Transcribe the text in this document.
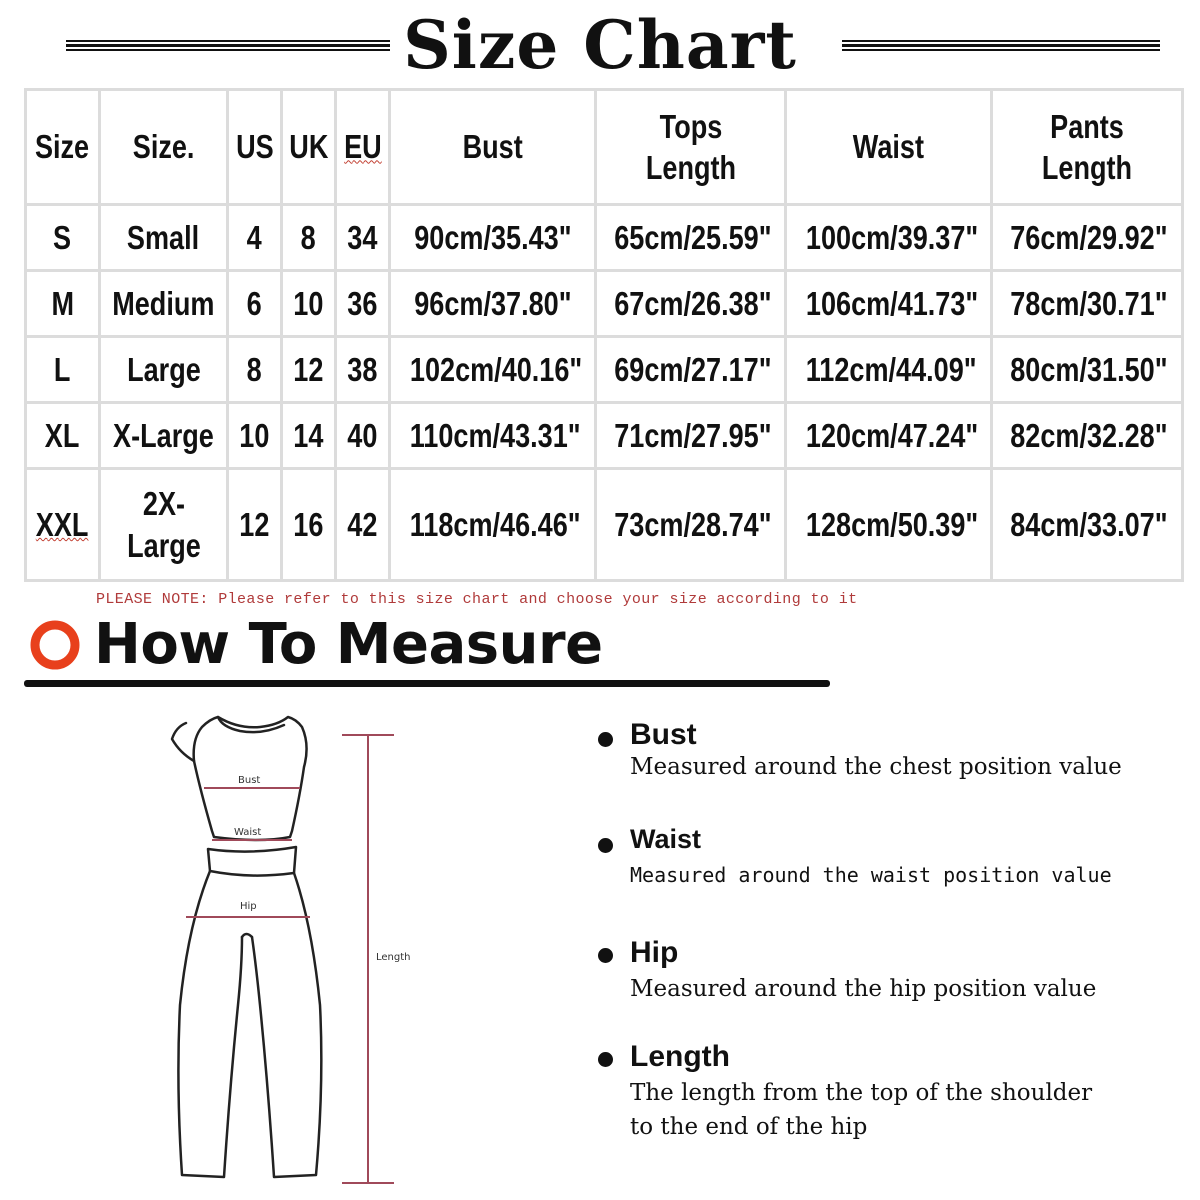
Size Chart
Size	Size.	US	UK	EU	Bust	Tops Length	Waist	Pants Length
S	Small	4	8	34	90cm/35.43"	65cm/25.59"	100cm/39.37"	76cm/29.92"
M	Medium	6	10	36	96cm/37.80"	67cm/26.38"	106cm/41.73"	78cm/30.71"
L	Large	8	12	38	102cm/40.16"	69cm/27.17"	112cm/44.09"	80cm/31.50"
XL	X-Large	10	14	40	110cm/43.31"	71cm/27.95"	120cm/47.24"	82cm/32.28"
XXL	2X-Large	12	16	42	118cm/46.46"	73cm/28.74"	128cm/50.39"	84cm/33.07"
PLEASE NOTE: Please refer to this size chart and choose your size according to it
How To Measure
Bust
Waist
Hip
Length
Bust
Measured around the chest position value
Waist
Measured around the waist position value
Hip
Measured around the hip position value
Length
The length from the top of the shoulder to the end of the hip
